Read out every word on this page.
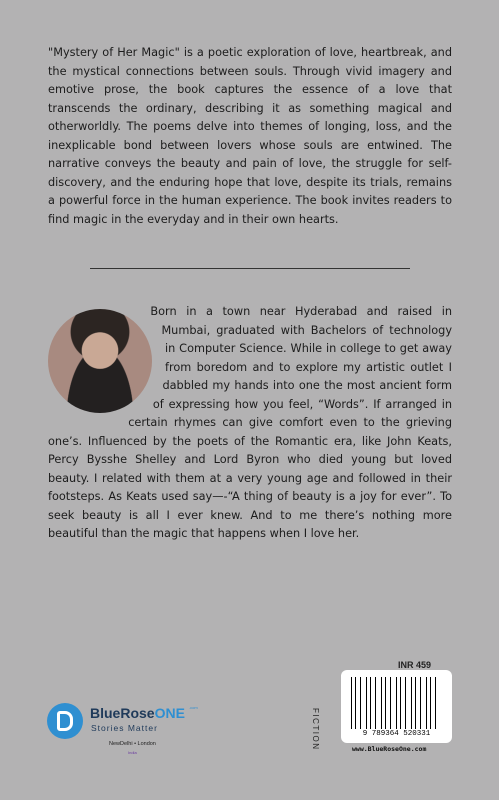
"Mystery of Her Magic" is a poetic exploration of love, heartbreak, and the mystical connections between souls. Through vivid imagery and emotive prose, the book captures the essence of a love that transcends the ordinary, describing it as something magical and otherworldly. The poems delve into themes of longing, loss, and the inexplicable bond between lovers whose souls are entwined. The narrative conveys the beauty and pain of love, the struggle for self-discovery, and the enduring hope that love, despite its trials, remains a powerful force in the human experience. The book invites readers to find magic in the everyday and in their own hearts.

Born in a town near Hyderabad and raised in Mumbai, graduated with Bachelors of technology in Computer Science. While in college to get away from boredom and to explore my artistic outlet I dabbled my hands into one the most ancient form of expressing how you feel, “Words”. If arranged in certain rhymes can give comfort even to the grieving one’s. Influenced by the poets of the Romantic era, like John Keats, Percy Bysshe Shelley and Lord Byron who died young but loved beauty. I related with them at a very young age and followed in their footsteps. As Keats used say—-“A thing of beauty is a joy for ever”. To seek beauty is all I ever knew. And to me there’s nothing more beautiful than the magic that happens when I love her.
INR 459
FICTION	9 789364 520331
www.BlueRoseOne.com
BlueRoseONE .com
Stories Matter
NewDelhi • London
India
